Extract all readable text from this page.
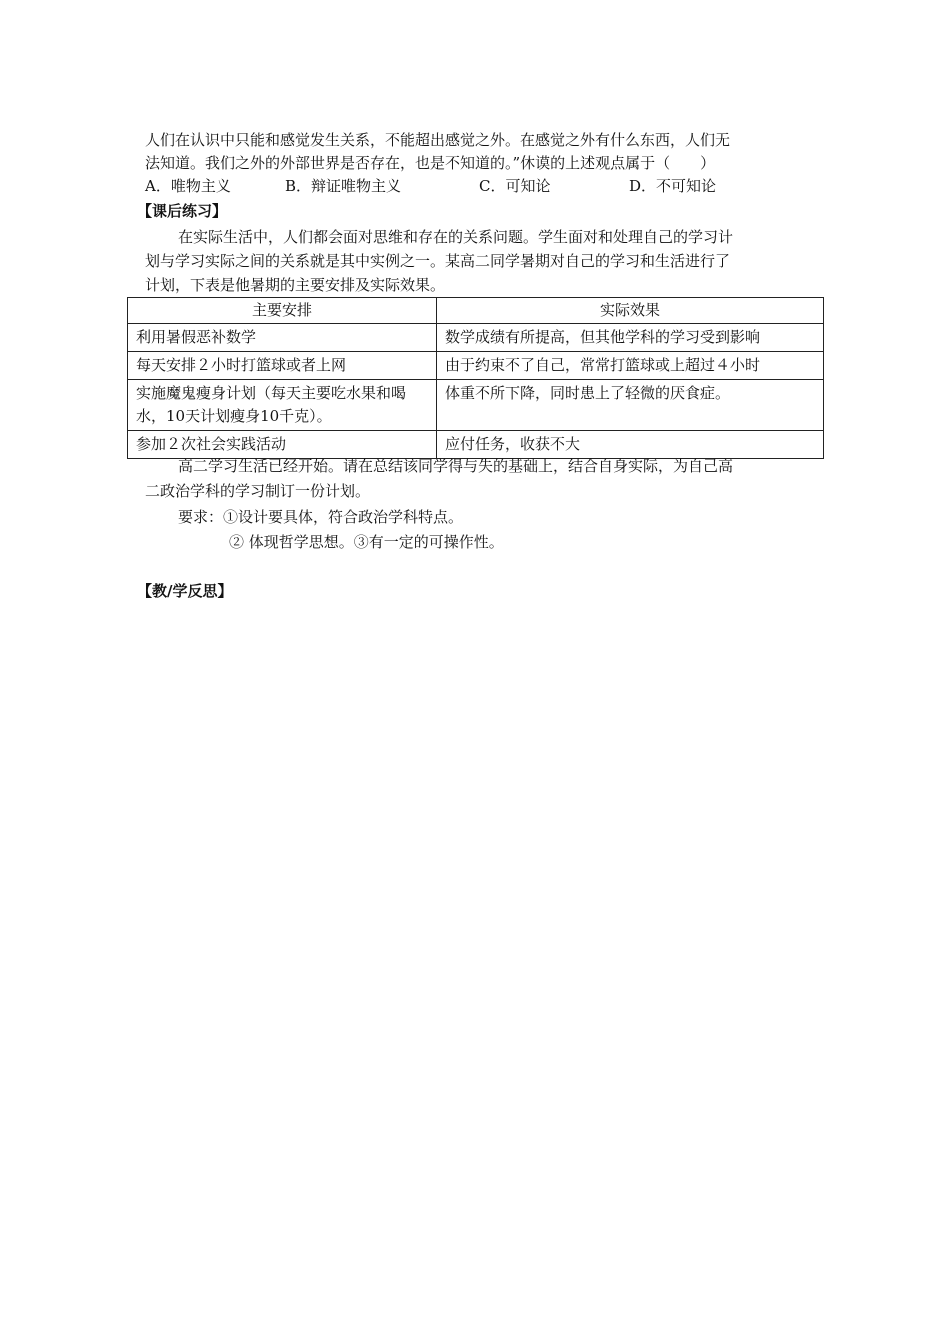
人们在认识中只能和感觉发生关系，不能超出感觉之外。在感觉之外有什么东西，人们无
法知道。我们之外的外部世界是否存在，也是不知道的。”休谟的上述观点属于（　　）
A．唯物主义	B．辩证唯物主义	C．可知论	D．不可知论
【课后练习】
在实际生活中，人们都会面对思维和存在的关系问题。学生面对和处理自己的学习计
划与学习实际之间的关系就是其中实例之一。某高二同学暑期对自己的学习和生活进行了
计划，下表是他暑期的主要安排及实际效果。
主要安排	实际效果
利用暑假恶补数学	数学成绩有所提高，但其他学科的学习受到影响
每天安排２小时打篮球或者上网	由于约束不了自己，常常打篮球或上超过４小时
实施魔鬼瘦身计划（每天主要吃水果和喝水，10天计划瘦身10千克）。	体重不所下降，同时患上了轻微的厌食症。
参加２次社会实践活动	应付任务，收获不大
高二学习生活已经开始。请在总结该同学得与失的基础上，结合自身实际，为自己高
二政治学科的学习制订一份计划。
要求：①设计要具体，符合政治学科特点。
② 体现哲学思想。③有一定的可操作性。
【教/学反思】
